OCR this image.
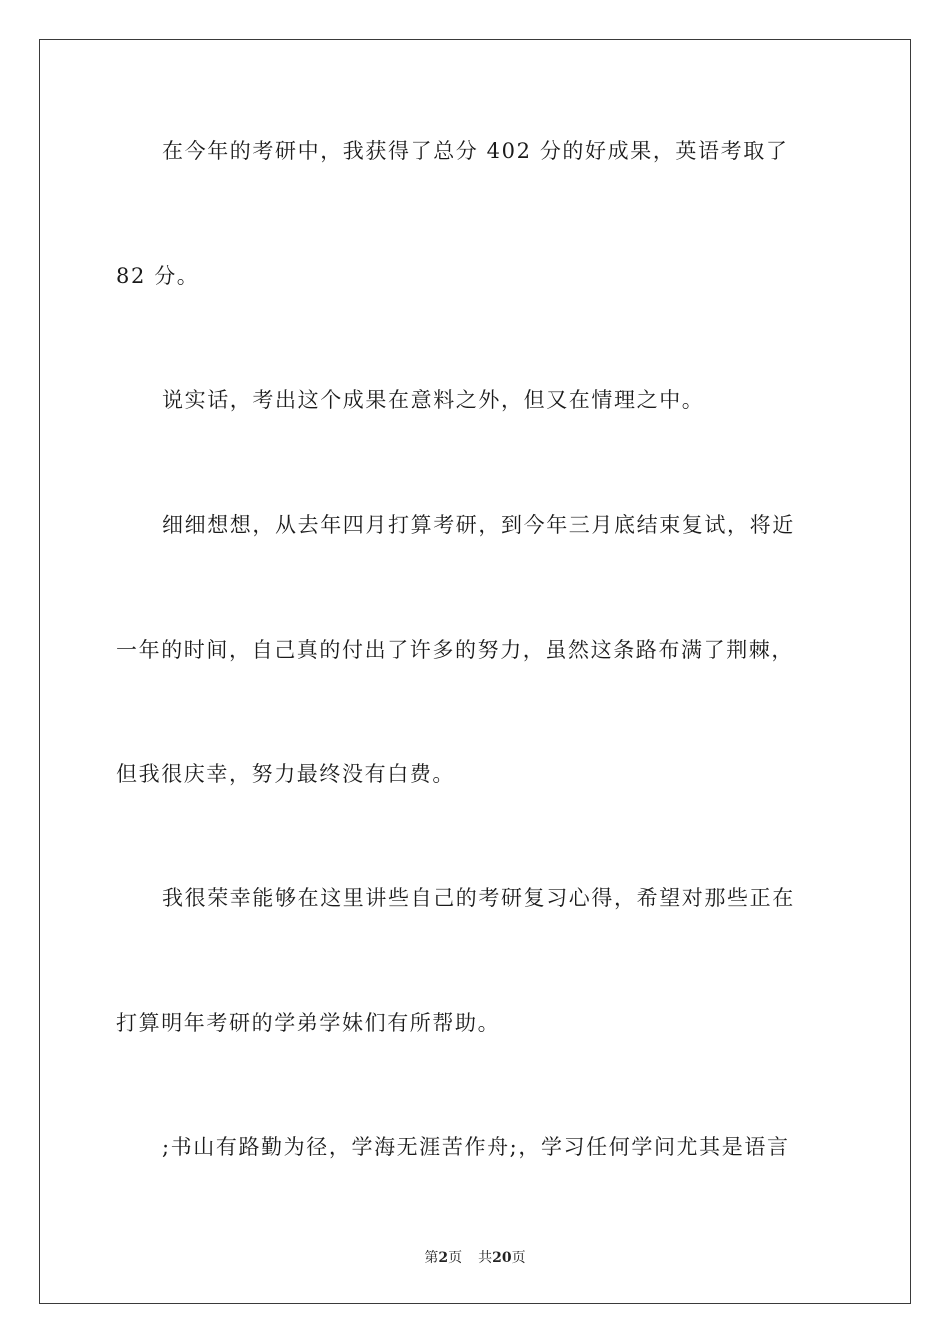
在今年的考研中，我获得了总分 402 分的好成果，英语考取了
82 分。
说实话，考出这个成果在意料之外，但又在情理之中。
细细想想，从去年四月打算考研，到今年三月底结束复试，将近
一年的时间，自己真的付出了许多的努力，虽然这条路布满了荆棘，
但我很庆幸，努力最终没有白费。
我很荣幸能够在这里讲些自己的考研复习心得，希望对那些正在
打算明年考研的学弟学妹们有所帮助。
;书山有路勤为径，学海无涯苦作舟;，学习任何学问尤其是语言
第2页 共20页
